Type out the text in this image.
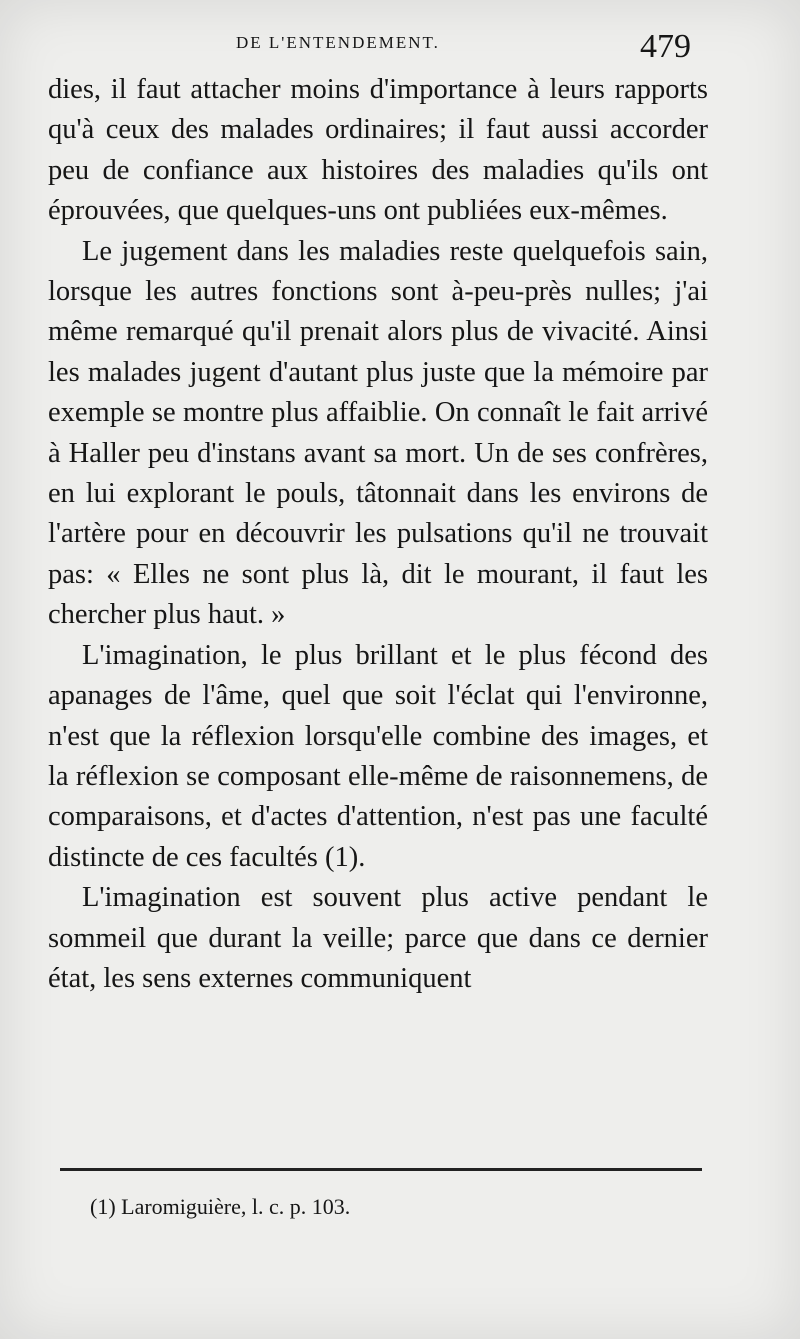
DE L'ENTENDEMENT.	479

dies, il faut attacher moins d'importance à leurs rapports qu'à ceux des malades ordinaires; il faut aussi accorder peu de confiance aux histoires des maladies qu'ils ont éprouvées, que quelques-uns ont publiées eux-mêmes.

Le jugement dans les maladies reste quelquefois sain, lorsque les autres fonctions sont à-peu-près nulles; j'ai même remarqué qu'il prenait alors plus de vivacité. Ainsi les malades jugent d'autant plus juste que la mémoire par exemple se montre plus affaiblie. On connaît le fait arrivé à Haller peu d'instans avant sa mort. Un de ses confrères, en lui explorant le pouls, tâtonnait dans les environs de l'artère pour en découvrir les pulsations qu'il ne trouvait pas: « Elles ne sont plus là, dit le mourant, il faut les chercher plus haut. »

L'imagination, le plus brillant et le plus fécond des apanages de l'âme, quel que soit l'éclat qui l'environne, n'est que la réflexion lorsqu'elle combine des images, et la réflexion se composant elle-même de raisonnemens, de comparaisons, et d'actes d'attention, n'est pas une faculté distincte de ces facultés (1).

L'imagination est souvent plus active pendant le sommeil que durant la veille; parce que dans ce dernier état, les sens externes communiquent

(1) Laromiguière, l. c. p. 103.
